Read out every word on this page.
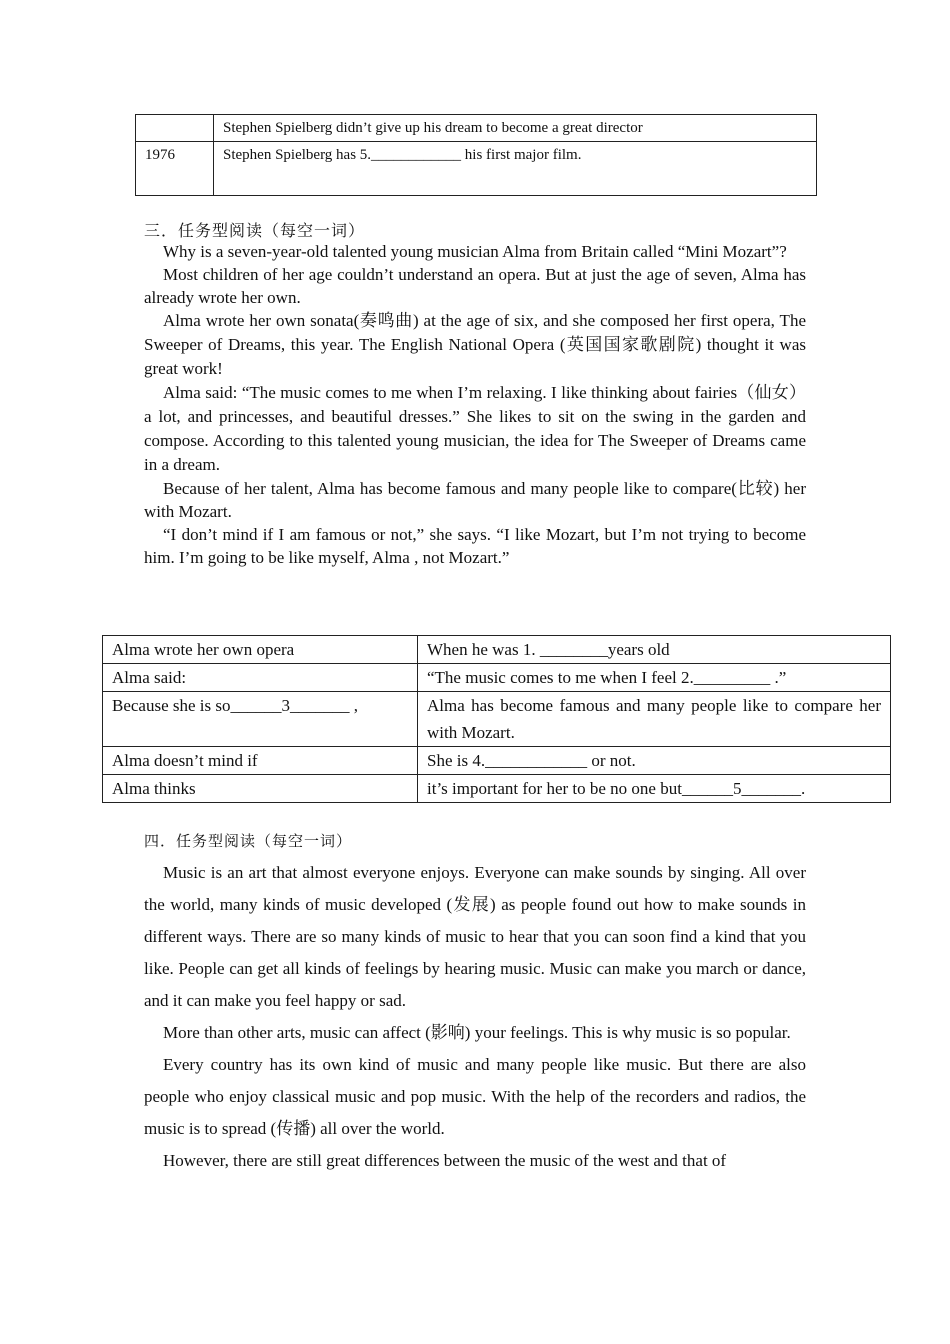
	Stephen Spielberg didn’t give up his dream to become a great director
1976	Stephen Spielberg has 5.____________ his first major film.
三．任务型阅读（每空一词）

Why is a seven-year-old talented young musician Alma from Britain called “Mini Mozart”?

Most children of her age couldn’t understand an opera. But at just the age of seven, Alma has already wrote her own.

Alma wrote her own sonata(奏鸣曲) at the age of six, and she composed her first opera, The Sweeper of Dreams, this year. The English National Opera (英国国家歌剧院) thought it was great work!

Alma said: “The music comes to me when I’m relaxing. I like thinking about fairies（仙女） a lot, and princesses, and beautiful dresses.” She likes to sit on the swing in the garden and compose. According to this talented young musician, the idea for The Sweeper of Dreams came in a dream.

Because of her talent, Alma has become famous and many people like to compare(比较) her with Mozart.

“I don’t mind if I am famous or not,” she says. “I like Mozart, but I’m not trying to become him. I’m going to be like myself, Alma , not Mozart.”

Alma wrote her own opera	When he was 1. ________years old
Alma said:	“The music comes to me when I feel 2._________ .”
Because she is so______3_______ ,	Alma has become famous and many people like to compare her with Mozart.
Alma doesn’t mind if	She is 4.____________ or not.
Alma thinks	it’s important for her to be no one but______5_______.
四．任务型阅读（每空一词）

Music is an art that almost everyone enjoys. Everyone can make sounds by singing. All over the world, many kinds of music developed (发展) as people found out how to make sounds in different ways. There are so many kinds of music to hear that you can soon find a kind that you like. People can get all kinds of feelings by hearing music. Music can make you march or dance, and it can make you feel happy or sad.

More than other arts, music can affect (影响) your feelings. This is why music is so popular.

Every country has its own kind of music and many people like music. But there are also people who enjoy classical music and pop music. With the help of the recorders and radios, the music is to spread (传播) all over the world.

However, there are still great differences between the music of the west and that of
